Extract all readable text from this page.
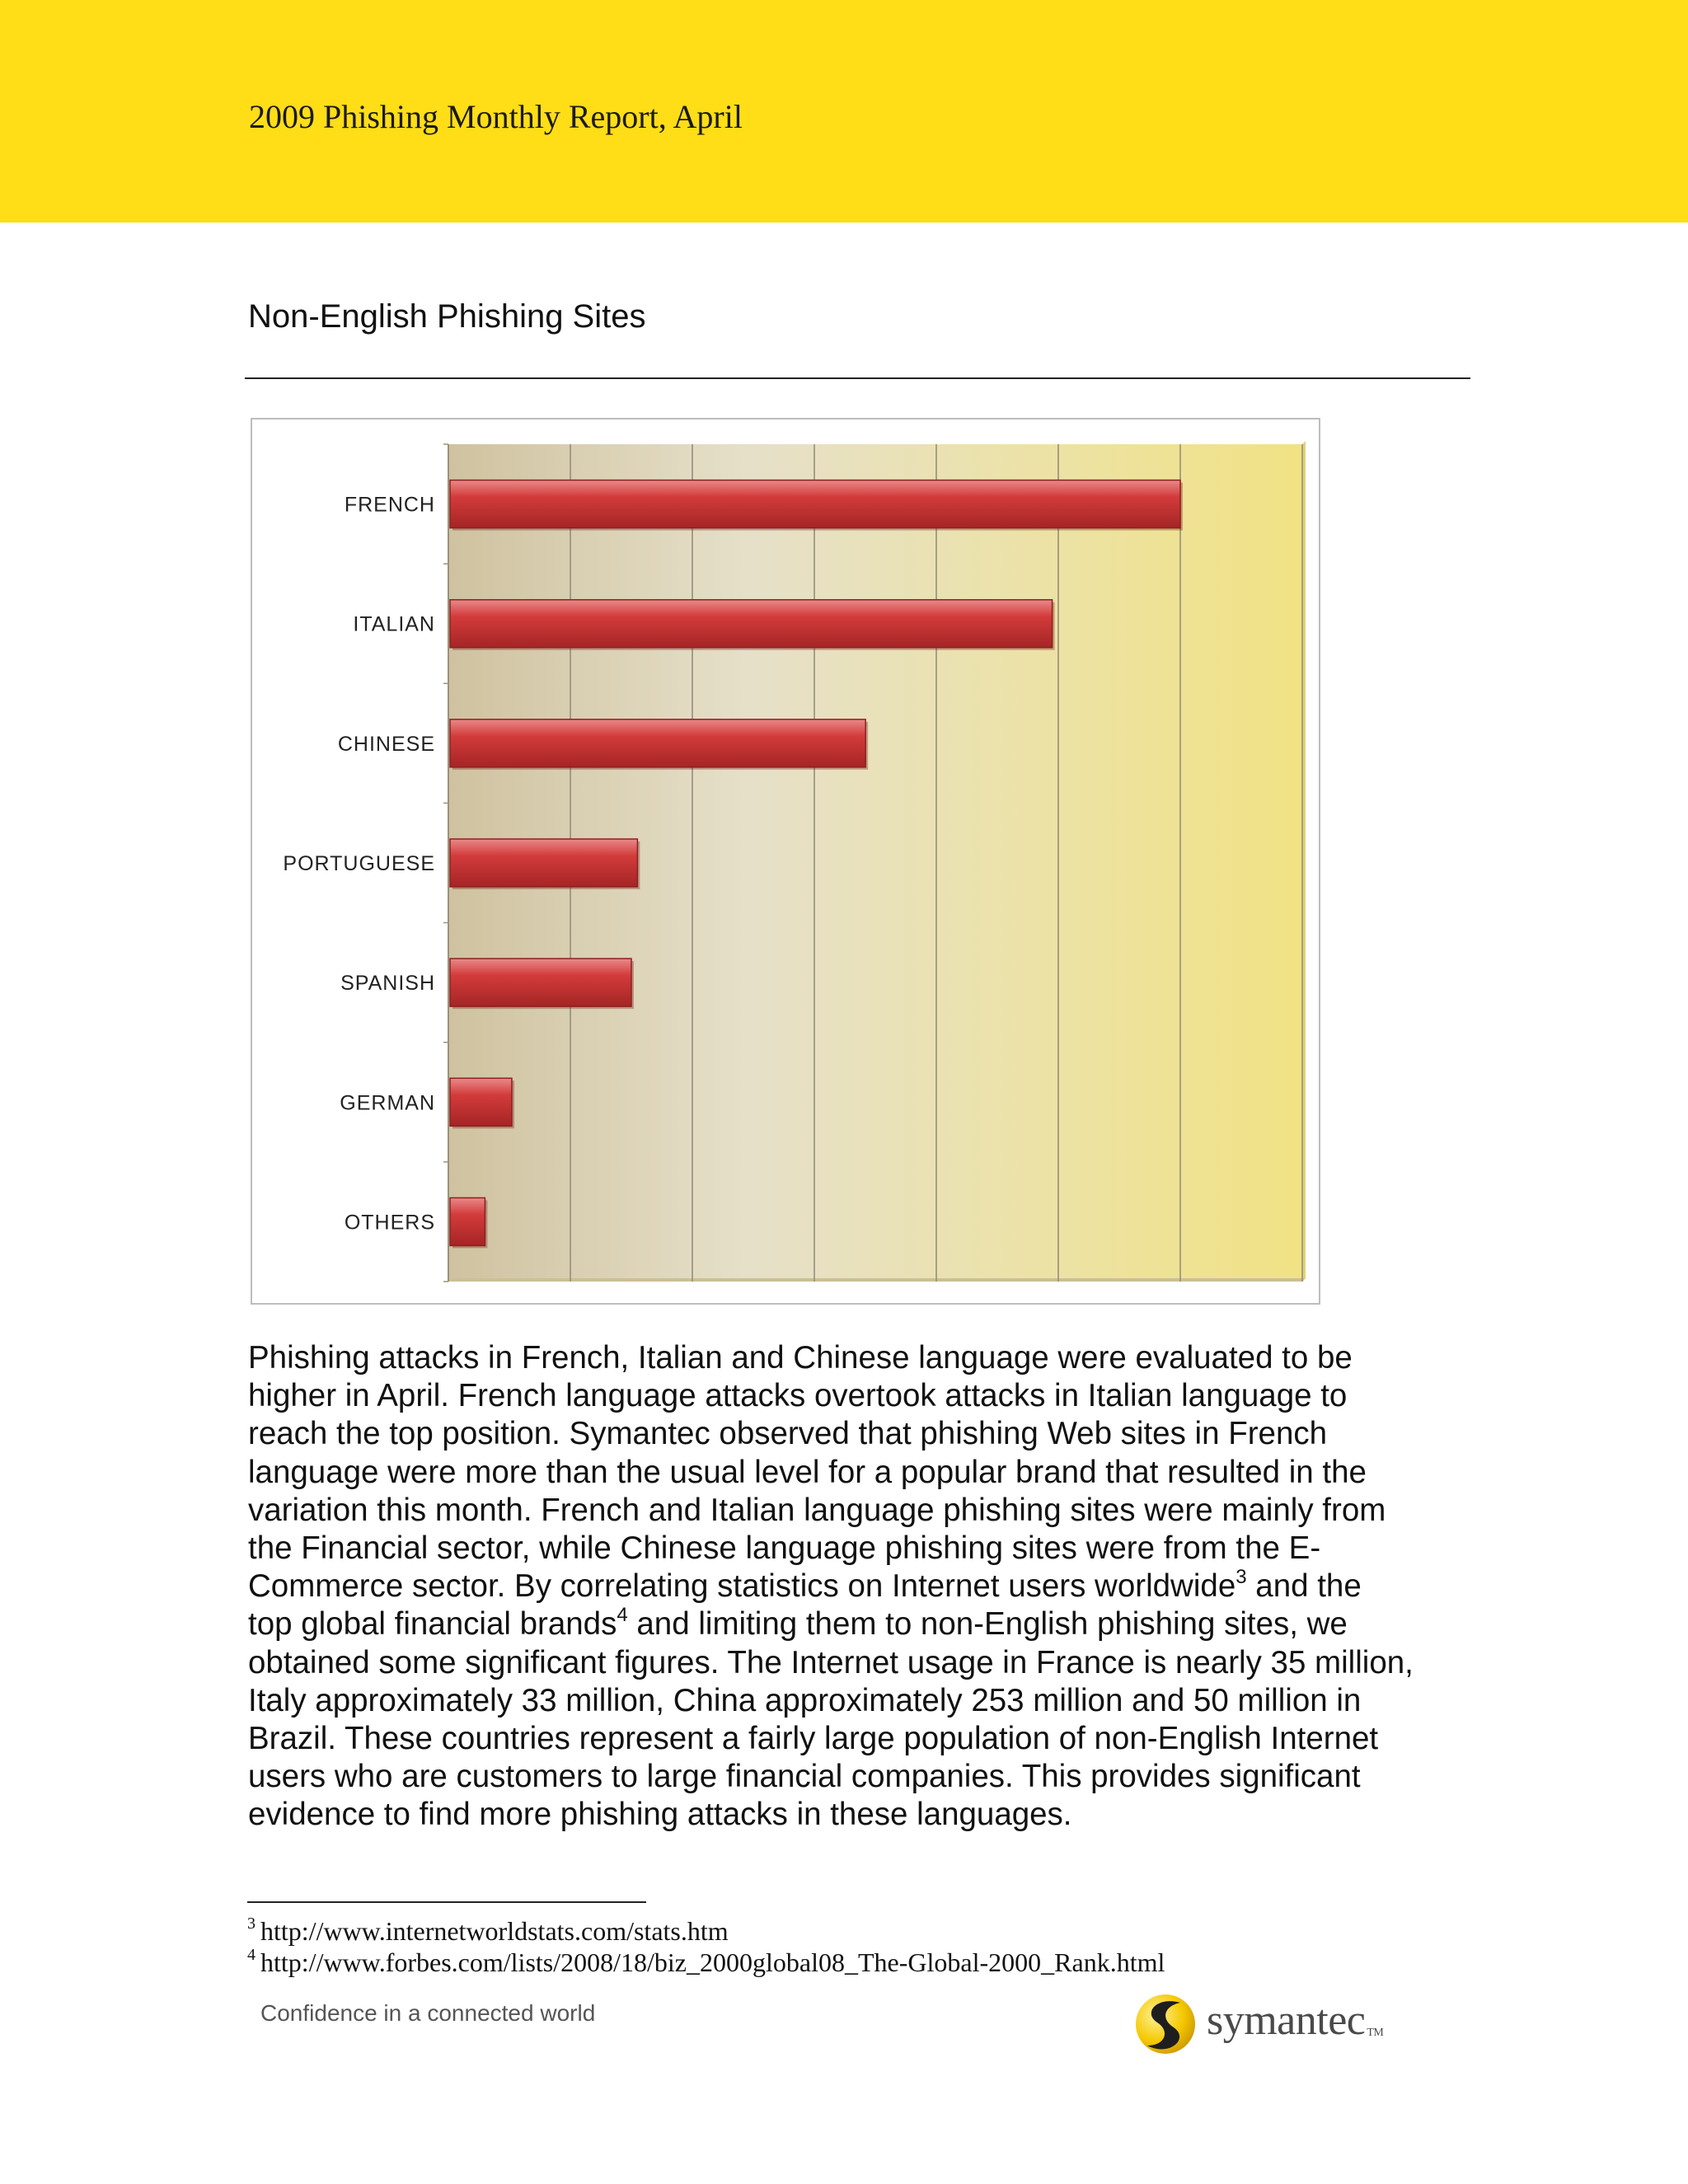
2009 Phishing Monthly Report, April
Non-English Phishing Sites
FRENCH
ITALIAN
CHINESE
PORTUGUESE
SPANISH
GERMAN
OTHERS
Phishing attacks in French, Italian and Chinese language were evaluated to be
higher in April. French language attacks overtook attacks in Italian language to
reach the top position. Symantec observed that phishing Web sites in French
language were more than the usual level for a popular brand that resulted in the
variation this month. French and Italian language phishing sites were mainly from
the Financial sector, while Chinese language phishing sites were from the E-
Commerce sector. By correlating statistics on Internet users worldwide$^3$ and the
top global financial brands$^4$ and limiting them to non-English phishing sites, we
obtained some significant figures. The Internet usage in France is nearly 35 million,
Italy approximately 33 million, China approximately 253 million and 50 million in
Brazil. These countries represent a fairly large population of non-English Internet
users who are customers to large financial companies. This provides significant
evidence to find more phishing attacks in these languages.
$^3$ http://www.internetworldstats.com/stats.htm
$^4$ http://www.forbes.com/lists/2008/18/biz_2000global08_The-Global-2000_Rank.html
Confidence in a connected world	symantec TM
